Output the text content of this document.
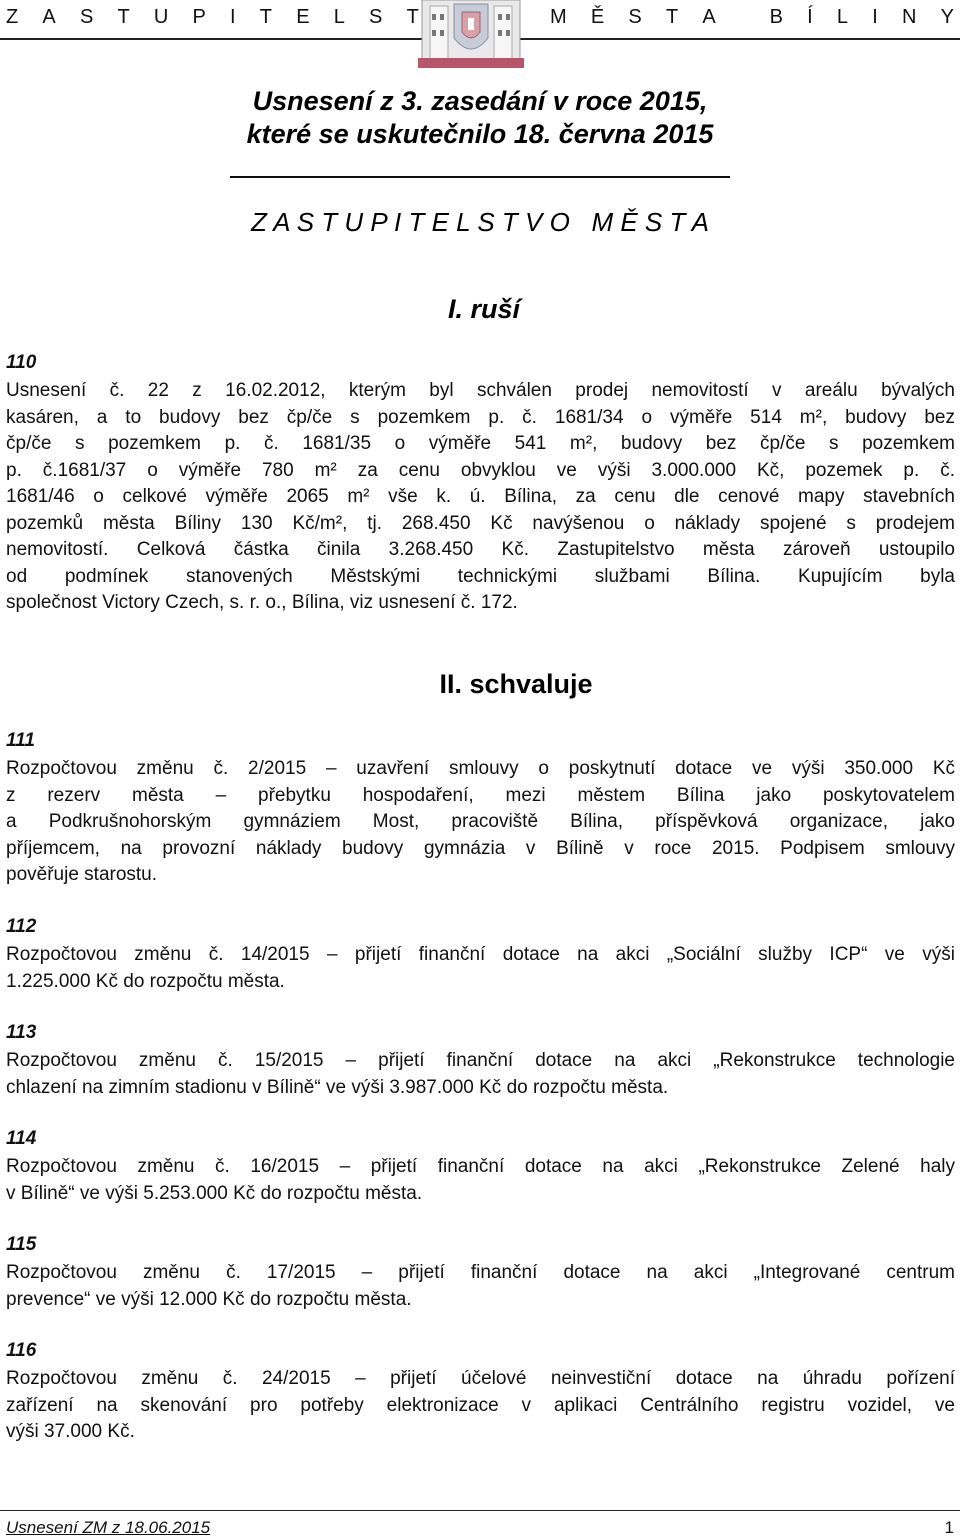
Z A S T U P I T E L S T
	M Ě S T A
	B Í L I N Y
Usnesení z 3. zasedání v roce 2015,
které se uskutečnilo 18. června 2015
Z A S T U P I T E L S T V O   M Ě S T A
I. ruší
110
Usnesení č. 22 z 16.02.2012, kterým byl schválen prodej nemovitostí v areálu bývalých
kasáren, a to budovy bez čp/če s pozemkem p. č. 1681/34 o výměře 514 m², budovy bez
čp/če s pozemkem p. č. 1681/35 o výměře 541 m², budovy bez čp/če s pozemkem
p. č.1681/37 o výměře 780 m² za cenu obvyklou ve výši 3.000.000 Kč, pozemek p. č.
1681/46 o celkové výměře 2065 m² vše k. ú. Bílina, za cenu dle cenové mapy stavebních
pozemků města Bíliny 130 Kč/m², tj. 268.450 Kč navýšenou o náklady spojené s prodejem
nemovitostí. Celková částka činila 3.268.450 Kč. Zastupitelstvo města zároveň ustoupilo
od podmínek stanovených Městskými technickými službami Bílina. Kupujícím byla
společnost Victory Czech, s. r. o., Bílina, viz usnesení č. 172.
II. schvaluje
111
Rozpočtovou změnu č. 2/2015 – uzavření smlouvy o poskytnutí dotace ve výši 350.000 Kč
z rezerv města – přebytku hospodaření, mezi městem Bílina jako poskytovatelem
a Podkrušnohorským gymnáziem Most, pracoviště Bílina, příspěvková organizace, jako
příjemcem, na provozní náklady budovy gymnázia v Bílině v roce 2015. Podpisem smlouvy
pověřuje starostu.
112
Rozpočtovou změnu č. 14/2015 – přijetí finanční dotace na akci „Sociální služby ICP“ ve výši
1.225.000 Kč do rozpočtu města.
113
Rozpočtovou změnu č. 15/2015 – přijetí finanční dotace na akci „Rekonstrukce technologie
chlazení na zimním stadionu v Bílině“ ve výši 3.987.000 Kč do rozpočtu města.
114
Rozpočtovou změnu č. 16/2015 – přijetí finanční dotace na akci „Rekonstrukce Zelené haly
v Bílině“ ve výši 5.253.000 Kč do rozpočtu města.
115
Rozpočtovou změnu č. 17/2015 – přijetí finanční dotace na akci „Integrované centrum
prevence“ ve výši 12.000 Kč do rozpočtu města.
116
Rozpočtovou změnu č. 24/2015 – přijetí účelové neinvestiční dotace na úhradu pořízení
zařízení na skenování pro potřeby elektronizace v aplikaci Centrálního registru vozidel, ve
výši 37.000 Kč.
Usnesení ZM z 18.06.2015	1
